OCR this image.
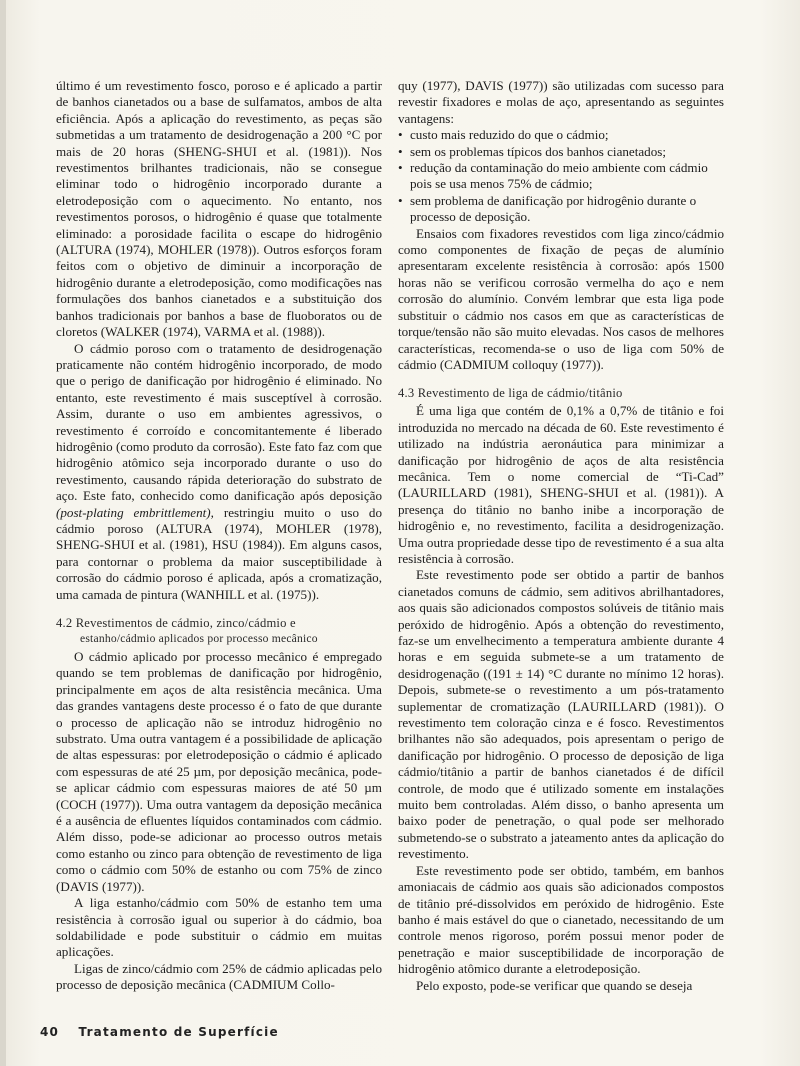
último é um revestimento fosco, poroso e é aplicado a partir de banhos cianetados ou a base de sulfamatos, ambos de alta eficiência. Após a aplicação do revestimento, as peças são submetidas a um tratamento de desidrogenação a 200 °C por mais de 20 horas (SHENG-SHUI et al. (1981)). Nos revestimentos brilhantes tradicionais, não se consegue eliminar todo o hidrogênio incorporado durante a eletrodeposição com o aquecimento. No entanto, nos revestimentos porosos, o hidrogênio é quase que totalmente eliminado: a porosidade facilita o escape do hidrogênio (ALTURA (1974), MOHLER (1978)). Outros esforços foram feitos com o objetivo de diminuir a incorporação de hidrogênio durante a eletrodeposição, como modificações nas formulações dos banhos cianetados e a substituição dos banhos tradicionais por banhos a base de fluoboratos ou de cloretos (WALKER (1974), VARMA et al. (1988)).

O cádmio poroso com o tratamento de desidrogenação praticamente não contém hidrogênio incorporado, de modo que o perigo de danificação por hidrogênio é eliminado. No entanto, este revestimento é mais susceptível à corrosão. Assim, durante o uso em ambientes agressivos, o revestimento é corroído e concomitantemente é liberado hidrogênio (como produto da corrosão). Este fato faz com que hidrogênio atômico seja incorporado durante o uso do revestimento, causando rápida deterioração do substrato de aço. Este fato, conhecido como danificação após deposição (post-plating embrittlement), restringiu muito o uso do cádmio poroso (ALTURA (1974), MOHLER (1978), SHENG-SHUI et al. (1981), HSU (1984)). Em alguns casos, para contornar o problema da maior susceptibilidade à corrosão do cádmio poroso é aplicada, após a cromatização, uma camada de pintura (WANHILL et al. (1975)).

4.2 Revestimentos de cádmio, zinco/cádmio e
estanho/cádmio aplicados por processo mecânico

O cádmio aplicado por processo mecânico é empregado quando se tem problemas de danificação por hidrogênio, principalmente em aços de alta resistência mecânica. Uma das grandes vantagens deste processo é o fato de que durante o processo de aplicação não se introduz hidrogênio no substrato. Uma outra vantagem é a possibilidade de aplicação de altas espessuras: por eletrodeposição o cádmio é aplicado com espessuras de até 25 µm, por deposição mecânica, pode-se aplicar cádmio com espessuras maiores de até 50 µm (COCH (1977)). Uma outra vantagem da deposição mecânica é a ausência de efluentes líquidos contaminados com cádmio. Além disso, pode-se adicionar ao processo outros metais como estanho ou zinco para obtenção de revestimento de liga como o cádmio com 50% de estanho ou com 75% de zinco (DAVIS (1977)).

A liga estanho/cádmio com 50% de estanho tem uma resistência à corrosão igual ou superior à do cádmio, boa soldabilidade e pode substituir o cádmio em muitas aplicações.

Ligas de zinco/cádmio com 25% de cádmio aplicadas pelo processo de deposição mecânica (CADMIUM Collo-

quy (1977), DAVIS (1977)) são utilizadas com sucesso para revestir fixadores e molas de aço, apresentando as seguintes vantagens:

• custo mais reduzido do que o cádmio;
• sem os problemas típicos dos banhos cianetados;
• redução da contaminação do meio ambiente com cádmio pois se usa menos 75% de cádmio;
• sem problema de danificação por hidrogênio durante o processo de deposição.

Ensaios com fixadores revestidos com liga zinco/cádmio como componentes de fixação de peças de alumínio apresentaram excelente resistência à corrosão: após 1500 horas não se verificou corrosão vermelha do aço e nem corrosão do alumínio. Convém lembrar que esta liga pode substituir o cádmio nos casos em que as características de torque/tensão não são muito elevadas. Nos casos de melhores características, recomenda-se o uso de liga com 50% de cádmio (CADMIUM colloquy (1977)).

4.3 Revestimento de liga de cádmio/titânio

É uma liga que contém de 0,1% a 0,7% de titânio e foi introduzida no mercado na década de 60. Este revestimento é utilizado na indústria aeronáutica para minimizar a danificação por hidrogênio de aços de alta resistência mecânica. Tem o nome comercial de “Ti-Cad” (LAURILLARD (1981), SHENG-SHUI et al. (1981)). A presença do titânio no banho inibe a incorporação de hidrogênio e, no revestimento, facilita a desidrogenização. Uma outra propriedade desse tipo de revestimento é a sua alta resistência à corrosão.

Este revestimento pode ser obtido a partir de banhos cianetados comuns de cádmio, sem aditivos abrilhantadores, aos quais são adicionados compostos solúveis de titânio mais peróxido de hidrogênio. Após a obtenção do revestimento, faz-se um envelhecimento a temperatura ambiente durante 4 horas e em seguida submete-se a um tratamento de desidrogenação ((191 ± 14) °C durante no mínimo 12 horas). Depois, submete-se o revestimento a um pós-tratamento suplementar de cromatização (LAURILLARD (1981)). O revestimento tem coloração cinza e é fosco. Revestimentos brilhantes não são adequados, pois apresentam o perigo de danificação por hidrogênio. O processo de deposição de liga cádmio/titânio a partir de banhos cianetados é de difícil controle, de modo que é utilizado somente em instalações muito bem controladas. Além disso, o banho apresenta um baixo poder de penetração, o qual pode ser melhorado submetendo-se o substrato a jateamento antes da aplicação do revestimento.

Este revestimento pode ser obtido, também, em banhos amoniacais de cádmio aos quais são adicionados compostos de titânio pré-dissolvidos em peróxido de hidrogênio. Este banho é mais estável do que o cianetado, necessitando de um controle menos rigoroso, porém possui menor poder de penetração e maior susceptibilidade de incorporação de hidrogênio atômico durante a eletrodeposição.

Pelo exposto, pode-se verificar que quando se deseja

40 Tratamento de Superfície
